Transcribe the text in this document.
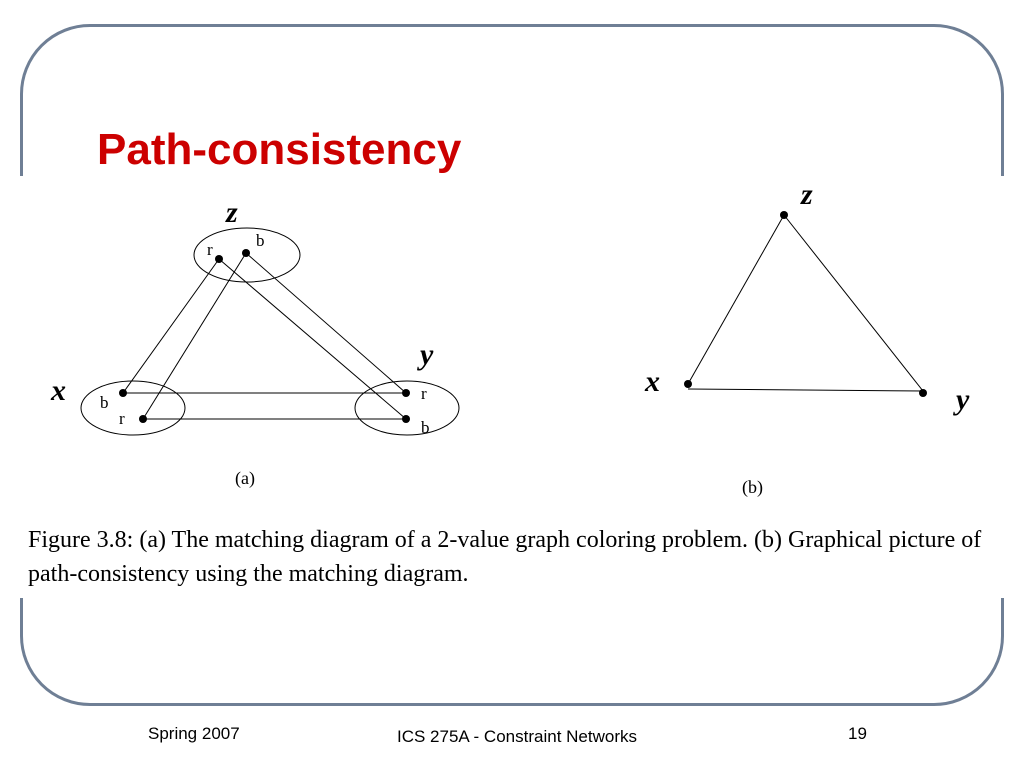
Path-consistency
z
x
y
r	b
b
r
r
b
(a)
z
x
y
(b)
Figure 3.8: (a) The matching diagram of a 2-value graph coloring problem. (b) Graphical picture of path-consistency using the matching diagram.
Spring 2007	ICS 275A - Constraint Networks	19
